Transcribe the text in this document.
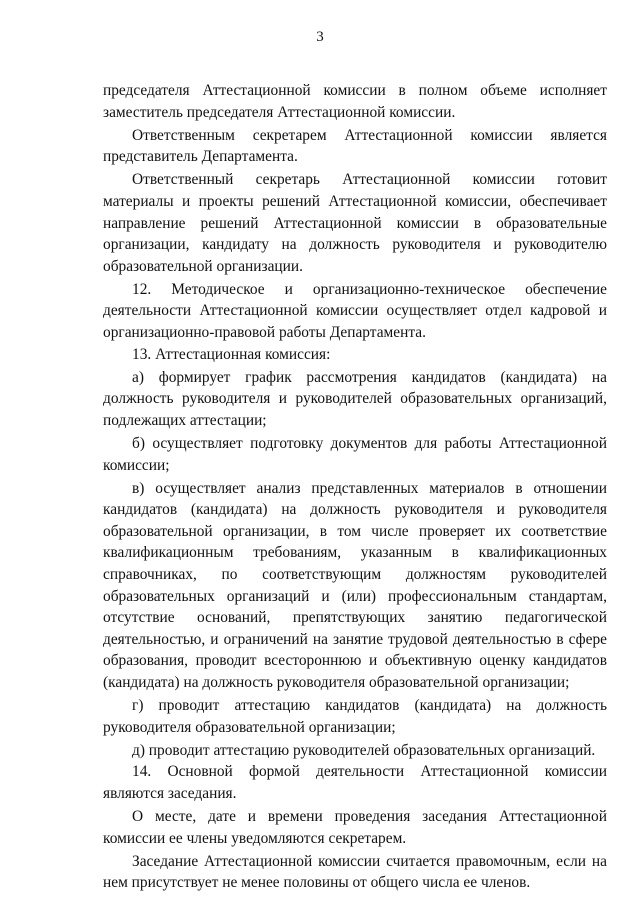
3

председателя Аттестационной комиссии в полном объеме исполняет заместитель председателя Аттестационной комиссии.

Ответственным секретарем Аттестационной комиссии является представитель Департамента.

Ответственный секретарь Аттестационной комиссии готовит материалы и проекты решений Аттестационной комиссии, обеспечивает направление решений Аттестационной комиссии в образовательные организации, кандидату на должность руководителя и руководителю образовательной организации.

12. Методическое и организационно-техническое обеспечение деятельности Аттестационной комиссии осуществляет отдел кадровой и организационно-правовой работы Департамента.

13. Аттестационная комиссия:

а) формирует график рассмотрения кандидатов (кандидата) на должность руководителя и руководителей образовательных организаций, подлежащих аттестации;

б) осуществляет подготовку документов для работы Аттестационной комиссии;

в) осуществляет анализ представленных материалов в отношении кандидатов (кандидата) на должность руководителя и руководителя образовательной организации, в том числе проверяет их соответствие квалификационным требованиям, указанным в квалификационных справочниках, по соответствующим должностям руководителей образовательных организаций и (или) профессиональным стандартам, отсутствие оснований, препятствующих занятию педагогической деятельностью, и ограничений на занятие трудовой деятельностью в сфере образования, проводит всестороннюю и объективную оценку кандидатов (кандидата) на должность руководителя образовательной организации;

г) проводит аттестацию кандидатов (кандидата) на должность руководителя образовательной организации;

д) проводит аттестацию руководителей образовательных организаций.

14. Основной формой деятельности Аттестационной комиссии являются заседания.

О месте, дате и времени проведения заседания Аттестационной комиссии ее члены уведомляются секретарем.

Заседание Аттестационной комиссии считается правомочным, если на нем присутствует не менее половины от общего числа ее членов.
